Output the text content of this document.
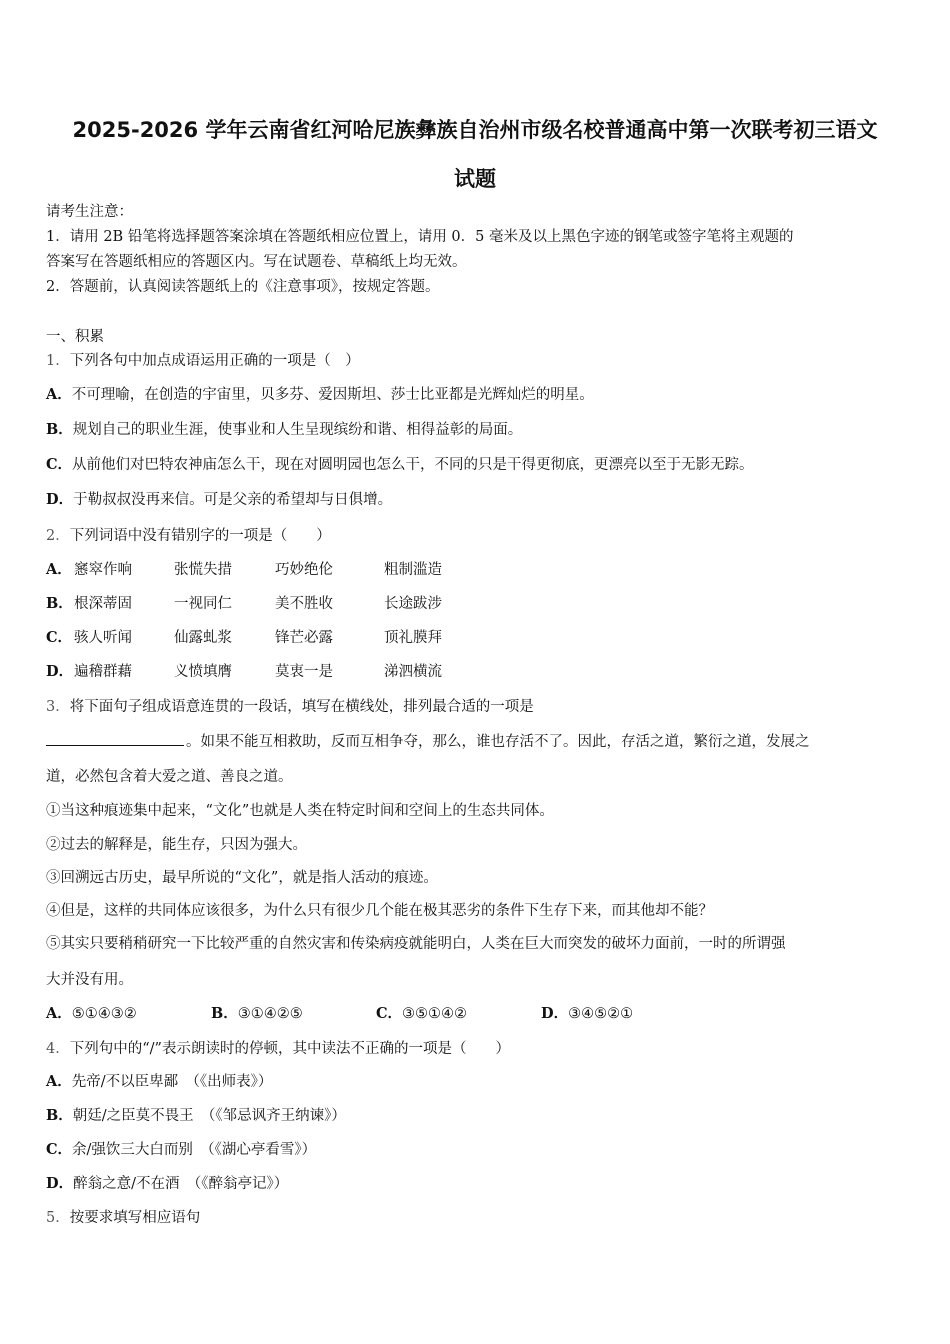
2025-2026 学年云南省红河哈尼族彝族自治州市级名校普通高中第一次联考初三语文
试题
请考生注意：
1．请用 2B 铅笔将选择题答案涂填在答题纸相应位置上，请用 0．5 毫米及以上黑色字迹的钢笔或签字笔将主观题的
答案写在答题纸相应的答题区内。写在试题卷、草稿纸上均无效。
2．答题前，认真阅读答题纸上的《注意事项》，按规定答题。
一、积累
1．下列各句中加点成语运用正确的一项是（　）
A．不可理喻，在创造的宇宙里，贝多芬、爱因斯坦、莎士比亚都是光辉灿烂的明星。
B．规划自己的职业生涯，使事业和人生呈现缤纷和谐、相得益彰的局面。
C．从前他们对巴特农神庙怎么干，现在对圆明园也怎么干，不同的只是干得更彻底，更漂亮以至于无影无踪。
D．于勒叔叔没再来信。可是父亲的希望却与日俱增。
2．下列词语中没有错别字的一项是（　　）
A． 窸窣作响	张慌失措	巧妙绝伦	粗制滥造
B． 根深蒂固	一视同仁	美不胜收	长途跋涉
C． 骇人听闻	仙露虬浆	锋芒必露	顶礼膜拜
D． 遍稽群藉	义愤填膺	莫衷一是	涕泗横流
3．将下面句子组成语意连贯的一段话，填写在横线处，排列最合适的一项是
。如果不能互相救助，反而互相争夺，那么，谁也存活不了。因此，存活之道，繁衍之道，发展之
道，必然包含着大爱之道、善良之道。
①当这种痕迹集中起来，“文化”也就是人类在特定时间和空间上的生态共同体。
②过去的解释是，能生存，只因为强大。
③回溯远古历史，最早所说的“文化”，就是指人活动的痕迹。
④但是，这样的共同体应该很多，为什么只有很少几个能在极其恶劣的条件下生存下来，而其他却不能？
⑤其实只要稍稍研究一下比较严重的自然灾害和传染病疫就能明白，人类在巨大而突发的破坏力面前，一时的所谓强
大并没有用。
A．⑤①④③②	B．③①④②⑤	C．③⑤①④②	D．③④⑤②①
4．下列句中的“/”表示朗读时的停顿，其中读法不正确的一项是（　　）
A．先帝/不以臣卑鄙　（《出师表》）
B．朝廷/之臣莫不畏王　（《邹忌讽齐王纳谏》）
C．余/强饮三大白而别　（《湖心亭看雪》）
D．醉翁之意/不在酒　（《醉翁亭记》）
5．按要求填写相应语句
